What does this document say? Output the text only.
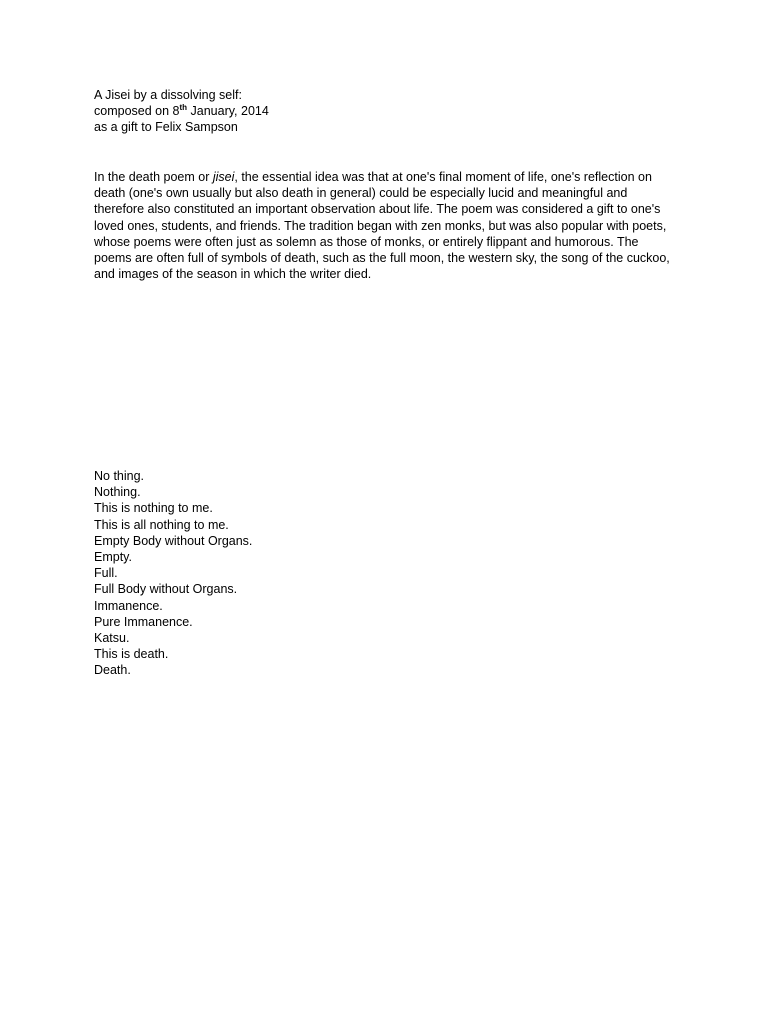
A Jisei by a dissolving self:
composed on 8th January, 2014
as a gift to Felix Sampson

In the death poem or jisei, the essential idea was that at one's final moment of life, one's reflection on death (one's own usually but also death in general) could be especially lucid and meaningful and therefore also constituted an important observation about life. The poem was considered a gift to one's loved ones, students, and friends. The tradition began with zen monks, but was also popular with poets, whose poems were often just as solemn as those of monks, or entirely flippant and humorous. The poems are often full of symbols of death, such as the full moon, the western sky, the song of the cuckoo, and images of the season in which the writer died.

No thing.
Nothing.
This is nothing to me.
This is all nothing to me.
Empty Body without Organs.
Empty.
Full.
Full Body without Organs.
Immanence.
Pure Immanence.
Katsu.
This is death.
Death.
